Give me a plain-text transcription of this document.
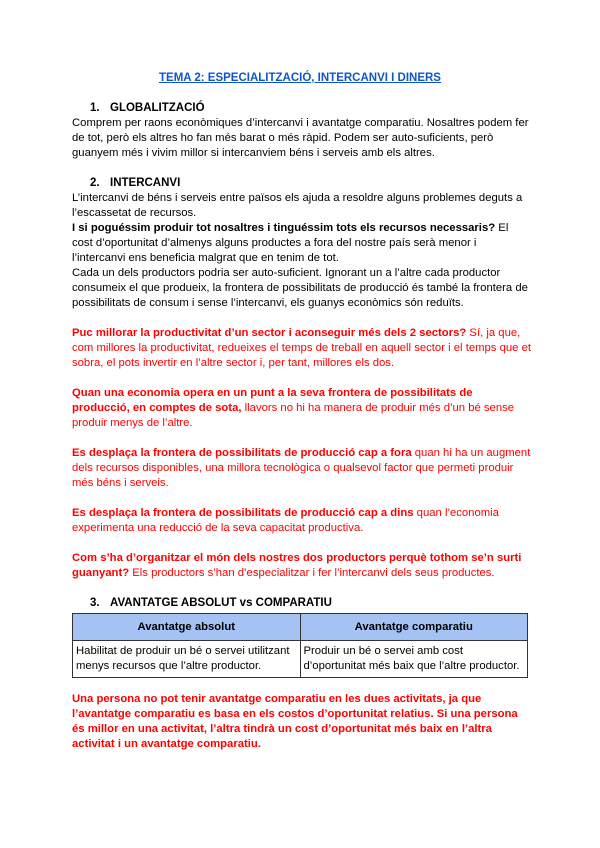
TEMA 2: ESPECIALITZACIÓ, INTERCANVI I DINERS
1. GLOBALITZACIÓ
Comprem per raons econòmiques d’intercanvi i avantatge comparatiu. Nosaltres podem fer de tot, però els altres ho fan més barat o més ràpid. Podem ser auto-suficients, però guanyem més i vivim millor si intercanviem béns i serveis amb els altres.
2. INTERCANVI
L’intercanvi de béns i serveis entre països els ajuda a resoldre alguns problemes deguts a l’escassetat de recursos.
I si poguéssim produir tot nosaltres i tinguéssim tots els recursos necessaris? El cost d’oportunitat d’almenys alguns productes a fora del nostre país serà menor i l’intercanvi ens beneficia malgrat que en tenim de tot.
Cada un dels productors podria ser auto-suficient. Ignorant un a l’altre cada productor consumeix el que produeix, la frontera de possibilitats de producció és també la frontera de possibilitats de consum i sense l’intercanvi, els guanys econòmics són reduïts.
Puc millorar la productivitat d’un sector i aconseguir més dels 2 sectors? Sí, ja que, com millores la productivitat, redueixes el temps de treball en aquell sector i el temps que et sobra, el pots invertir en l’altre sector i, per tant, millores els dos.
Quan una economia opera en un punt a la seva frontera de possibilitats de producció, en comptes de sota, llavors no hi ha manera de produir més d’un bé sense produir menys de l’altre.
Es desplaça la frontera de possibilitats de producció cap a fora quan hi ha un augment dels recursos disponibles, una millora tecnològica o qualsevol factor que permeti produir més béns i serveis.
Es desplaça la frontera de possibilitats de producció cap a dins quan l’economia experimenta una reducció de la seva capacitat productiva.
Com s’ha d’organitzar el món dels nostres dos productors perquè tothom se’n surti guanyant? Els productors s’han d’especialitzar i fer l’intercanvi dels seus productes.
3. AVANTATGE ABSOLUT vs COMPARATIU
Avantatge absolut	Avantatge comparatiu
Habilitat de produir un bé o servei utilitzant menys recursos que l’altre productor.	Produir un bé o servei amb cost d’oportunitat més baix que l’altre productor.
Una persona no pot tenir avantatge comparatiu en les dues activitats, ja que l’avantatge comparatiu es basa en els costos d’oportunitat relatius. Si una persona és millor en una activitat, l’altra tindrà un cost d’oportunitat més baix en l’altra activitat i un avantatge comparatiu.
